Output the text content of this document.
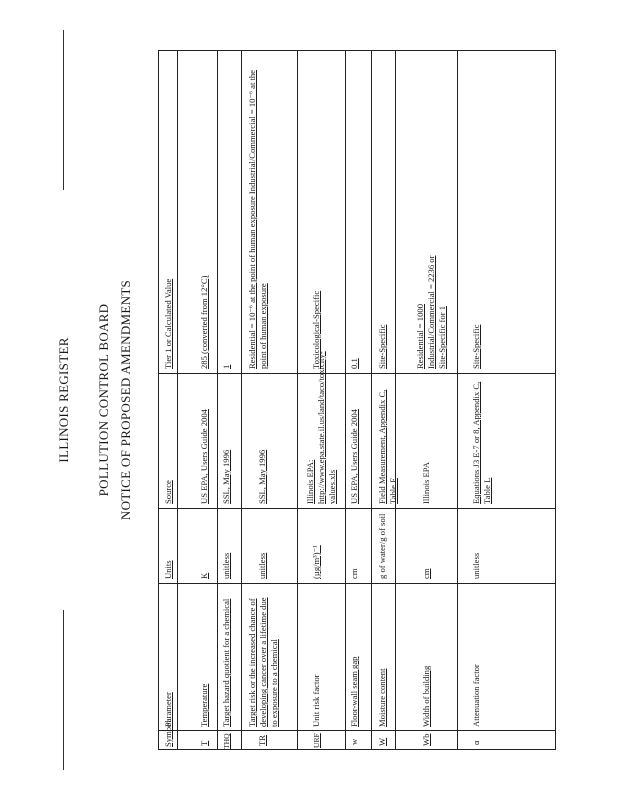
ILLINOIS REGISTER POLLUTION CONTROL BOARD NOTICE OF PROPOSED AMENDMENTS
Symbol
Parameter
Units
Source
Tier 1 or Calculated Value
T
Temperature
K
US EPA, Users Guide 2004
285 (converted from 12°C)
THQ
Target hazard quotient for a chemical
unitless
SSL, May 1996
1
TR
Target risk or the increased chance of developing cancer over a lifetime due to exposure to a chemical
unitless
SSL, May 1996
Residential = 10⁻⁶ at the point of human exposure Industrial/Commercial = 10⁻⁶ at the point of human exposure
URF
Unit risk factor
(µg/m³)⁻¹
Illinois EPA: http://www.epa.state.il.us/land/taco/toxicity-values.xls
Toxicological-Specific
w
Floor-wall seam gap
cm
US EPA, Users Guide 2004
0.1
W
Moisture content
g of water/g of soil
Field Measurement, Appendix C, Table F
Site-Specific
Wb
Width of building
cm
Illinois EPA
Residential = 1000 Industrial/Commercial = 2236 or Site-Specific for 1
α
Attenuation factor
unitless
Equations J3 E-7 or 8, Appendix C, Table L
Site-Specific
